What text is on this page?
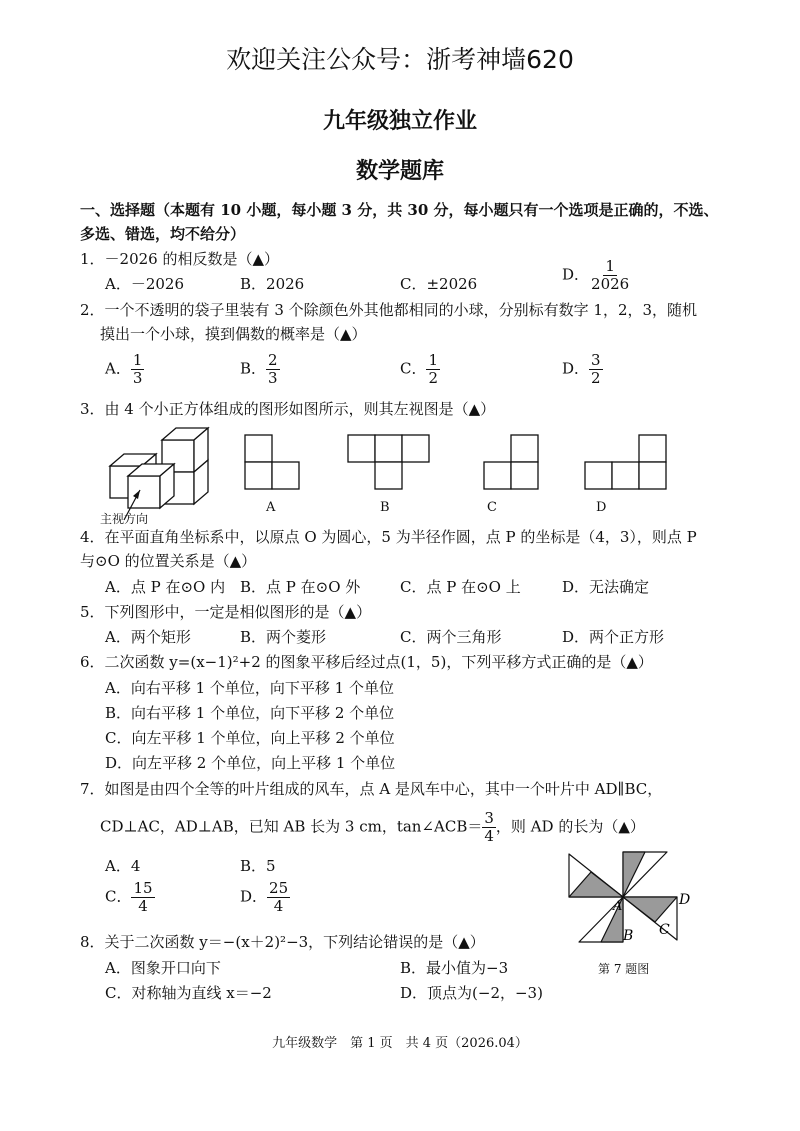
欢迎关注公众号：浙考神墙620
九年级独立作业
数学题库
一、选择题（本题有 10 小题，每小题 3 分，共 30 分，每小题只有一个选项是正确的，不选、
多选、错选，均不给分）
1．－2026 的相反数是（▲）
A．－2026	B．2026	C．±2026
D． $\frac{1}{2026}$
2．一个不透明的袋子里装有 3 个除颜色外其他都相同的小球，分别标有数字 1，2，3，随机
摸出一个小球，摸到偶数的概率是（▲）
A． $\frac{1}{3}$	B． $\frac{2}{3}$	C． $\frac{1}{2}$	D． $\frac{3}{2}$
3．由 4 个小正方体组成的图形如图所示，则其左视图是（▲）
主视方向
A	B	C	D
4．在平面直角坐标系中，以原点 O 为圆心，5 为半径作圆，点 P 的坐标是（4，3），则点 P
与⊙O 的位置关系是（▲）
A．点 P 在⊙O 内 B．点 P 在⊙O 外	C．点 P 在⊙O 上	D．无法确定
5．下列图形中，一定是相似图形的是（▲）
A．两个矩形	B．两个菱形	C．两个三角形	D．两个正方形
6．二次函数 y=(x−1)²+2 的图象平移后经过点(1，5)，下列平移方式正确的是（▲）
A．向右平移 1 个单位，向下平移 1 个单位
B．向右平移 1 个单位，向下平移 2 个单位
C．向左平移 1 个单位，向上平移 2 个单位
D．向左平移 2 个单位，向上平移 1 个单位
7．如图是由四个全等的叶片组成的风车，点 A 是风车中心，其中一个叶片中 AD∥BC，
CD⊥AC，AD⊥AB，已知 AB 长为 3 cm，tan∠ACB＝ $\frac{3}{4}$ ，则 AD 的长为（▲）
A．4	B．5
C． $\frac{15}{4}$	D． $\frac{25}{4}$	A
B C
D
第 7 题图
8．关于二次函数 y＝−(x＋2)²−3，下列结论错误的是（▲）
A．图象开口向下	B．最小值为−3
C．对称轴为直线 x＝−2	D．顶点为(−2，−3)
九年级数学　第 1 页　共 4 页（2026.04）
